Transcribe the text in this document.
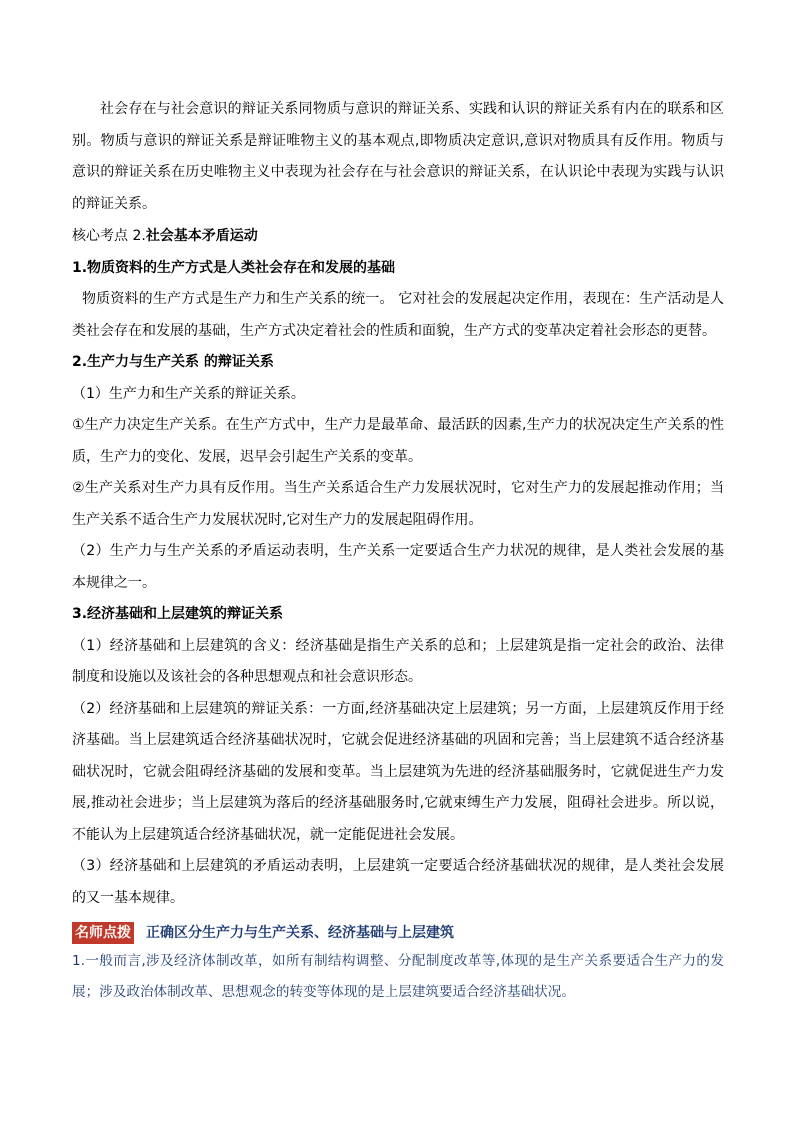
社会存在与社会意识的辩证关系同物质与意识的辩证关系、实践和认识的辩证关系有内在的联系和区别。物质与意识的辩证关系是辩证唯物主义的基本观点,即物质决定意识,意识对物质具有反作用。物质与意识的辩证关系在历史唯物主义中表现为社会存在与社会意识的辩证关系，在认识论中表现为实践与认识的辩证关系。

核心考点 2.社会基本矛盾运动

1.物质资料的生产方式是人类社会存在和发展的基础

物质资料的生产方式是生产力和生产关系的统一。 它对社会的发展起决定作用，表现在：生产活动是人类社会存在和发展的基础，生产方式决定着社会的性质和面貌，生产方式的变革决定着社会形态的更替。

2.生产力与生产关系 的辩证关系

（1）生产力和生产关系的辩证关系。

①生产力决定生产关系。在生产方式中，生产力是最革命、最活跃的因素,生产力的状况决定生产关系的性质，生产力的变化、发展，迟早会引起生产关系的变革。

②生产关系对生产力具有反作用。当生产关系适合生产力发展状况时，它对生产力的发展起推动作用；当生产关系不适合生产力发展状况时,它对生产力的发展起阻碍作用。

（2）生产力与生产关系的矛盾运动表明，生产关系一定要适合生产力状况的规律，是人类社会发展的基本规律之一。

3.经济基础和上层建筑的辩证关系

（1）经济基础和上层建筑的含义：经济基础是指生产关系的总和；上层建筑是指一定社会的政治、法律制度和设施以及该社会的各种思想观点和社会意识形态。

（2）经济基础和上层建筑的辩证关系：一方面,经济基础决定上层建筑；另一方面，上层建筑反作用于经济基础。当上层建筑适合经济基础状况时，它就会促进经济基础的巩固和完善；当上层建筑不适合经济基础状况时，它就会阻碍经济基础的发展和变革。当上层建筑为先进的经济基础服务时，它就促进生产力发展,推动社会进步；当上层建筑为落后的经济基础服务时,它就束缚生产力发展，阻碍社会进步。所以说，不能认为上层建筑适合经济基础状况，就一定能促进社会发展。

（3）经济基础和上层建筑的矛盾运动表明，上层建筑一定要适合经济基础状况的规律，是人类社会发展的又一基本规律。

名师点拨 正确区分生产力与生产关系、经济基础与上层建筑

1.一般而言,涉及经济体制改革，如所有制结构调整、分配制度改革等,体现的是生产关系要适合生产力的发展；涉及政治体制改革、思想观念的转变等体现的是上层建筑要适合经济基础状况。
